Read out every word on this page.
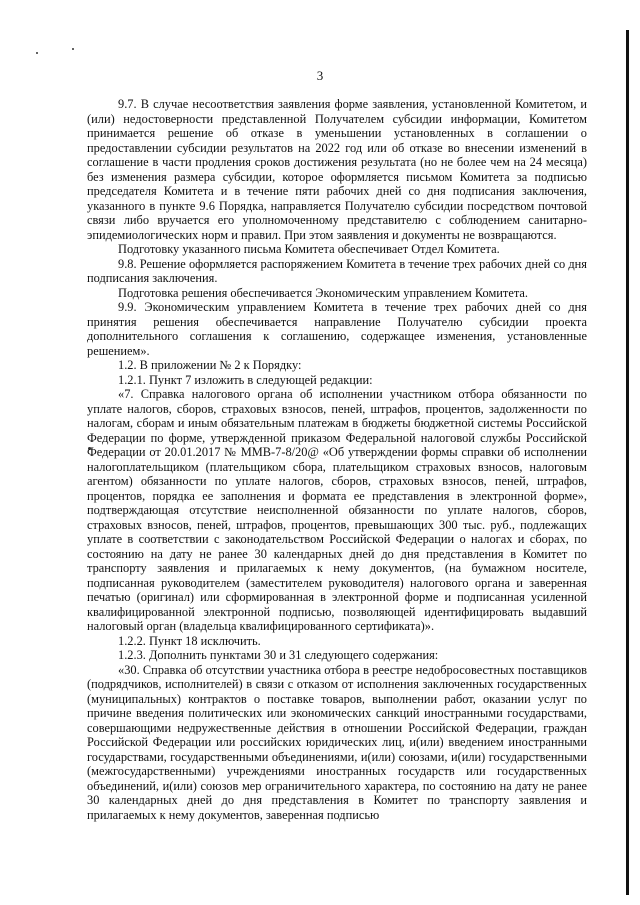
3

9.7. В случае несоответствия заявления форме заявления, установленной Комитетом, и (или) недостоверности представленной Получателем субсидии информации, Комитетом принимается решение об отказе в уменьшении установленных в соглашении о предоставлении субсидии результатов на 2022 год или об отказе во внесении изменений в соглашение в части продления сроков достижения результата (но не более чем на 24 месяца) без изменения размера субсидии, которое оформляется письмом Комитета за подписью председателя Комитета и в течение пяти рабочих дней со дня подписания заключения, указанного в пункте 9.6 Порядка, направляется Получателю субсидии посредством почтовой связи либо вручается его уполномоченному представителю с соблюдением санитарно-эпидемиологических норм и правил. При этом заявления и документы не возвращаются.

Подготовку указанного письма Комитета обеспечивает Отдел Комитета.

9.8. Решение оформляется распоряжением Комитета в течение трех рабочих дней со дня подписания заключения.

Подготовка решения обеспечивается Экономическим управлением Комитета.

9.9. Экономическим управлением Комитета в течение трех рабочих дней со дня принятия решения обеспечивается направление Получателю субсидии проекта дополнительного соглашения к соглашению, содержащее изменения, установленные решением».

1.2. В приложении № 2 к Порядку:

1.2.1. Пункт 7 изложить в следующей редакции:

«7. Справка налогового органа об исполнении участником отбора обязанности по уплате налогов, сборов, страховых взносов, пеней, штрафов, процентов, задолженности по налогам, сборам и иным обязательным платежам в бюджеты бюджетной системы Российской Федерации по форме, утвержденной приказом Федеральной налоговой службы Российской Федерации от 20.01.2017 № ММВ-7-8/20@ «Об утверждении формы справки об исполнении налогоплательщиком (плательщиком сбора, плательщиком страховых взносов, налоговым агентом) обязанности по уплате налогов, сборов, страховых взносов, пеней, штрафов, процентов, порядка ее заполнения и формата ее представления в электронной форме», подтверждающая отсутствие неисполненной обязанности по уплате налогов, сборов, страховых взносов, пеней, штрафов, процентов, превышающих 300 тыс. руб., подлежащих уплате в соответствии с законодательством Российской Федерации о налогах и сборах, по состоянию на дату не ранее 30 календарных дней до дня представления в Комитет по транспорту заявления и прилагаемых к нему документов, (на бумажном носителе, подписанная руководителем (заместителем руководителя) налогового органа и заверенная печатью (оригинал) или сформированная в электронной форме и подписанная усиленной квалифицированной электронной подписью, позволяющей идентифицировать выдавший налоговый орган (владельца квалифицированного сертификата)».

1.2.2. Пункт 18 исключить.

1.2.3. Дополнить пунктами 30 и 31 следующего содержания:

«30. Справка об отсутствии участника отбора в реестре недобросовестных поставщиков (подрядчиков, исполнителей) в связи с отказом от исполнения заключенных государственных (муниципальных) контрактов о поставке товаров, выполнении работ, оказании услуг по причине введения политических или экономических санкций иностранными государствами, совершающими недружественные действия в отношении Российской Федерации, граждан Российской Федерации или российских юридических лиц, и(или) введением иностранными государствами, государственными объединениями, и(или) союзами, и(или) государственными (межгосударственными) учреждениями иностранных государств или государственных объединений, и(или) союзов мер ограничительного характера, по состоянию на дату не ранее 30 календарных дней до дня представления в Комитет по транспорту заявления и прилагаемых к нему документов, заверенная подписью
